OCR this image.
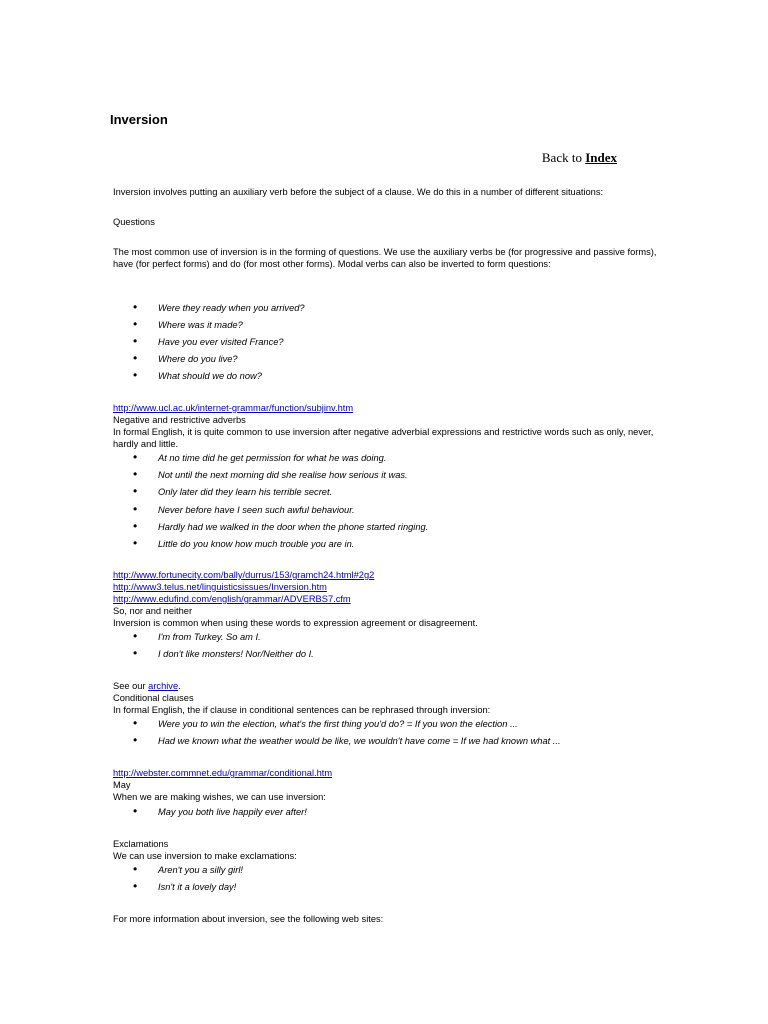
Inversion
Back to Index
Inversion involves putting an auxiliary verb before the subject of a clause. We do this in a number of different situations:
Questions
The most common use of inversion is in the forming of questions. We use the auxiliary verbs be (for progressive and passive forms), have (for perfect forms) and do (for most other forms). Modal verbs can also be inverted to form questions:
• Were they ready when you arrived?
• Where was it made?
• Have you ever visited France?
• Where do you live?
• What should we do now?
http://www.ucl.ac.uk/internet-grammar/function/subjinv.htm
Negative and restrictive adverbs
In formal English, it is quite common to use inversion after negative adverbial expressions and restrictive words such as only, never, hardly and little.
• At no time did he get permission for what he was doing.
• Not until the next morning did she realise how serious it was.
• Only later did they learn his terrible secret.
• Never before have I seen such awful behaviour.
• Hardly had we walked in the door when the phone started ringing.
• Little do you know how much trouble you are in.
http://www.fortunecity.com/bally/durrus/153/gramch24.html#2g2
http://www3.telus.net/linguisticsissues/Inversion.htm
http://www.edufind.com/english/grammar/ADVERBS7.cfm
So, nor and neither
Inversion is common when using these words to expression agreement or disagreement.
• I'm from Turkey. So am I.
• I don't like monsters! Nor/Neither do I.
See our archive.
Conditional clauses
In formal English, the if clause in conditional sentences can be rephrased through inversion:
• Were you to win the election, what's the first thing you'd do? = If you won the election ...
• Had we known what the weather would be like, we wouldn't have come = If we had known what ...
http://webster.commnet.edu/grammar/conditional.htm
May
When we are making wishes, we can use inversion:
• May you both live happily ever after!
Exclamations
We can use inversion to make exclamations:
• Aren't you a silly girl!
• Isn't it a lovely day!
For more information about inversion, see the following web sites:
